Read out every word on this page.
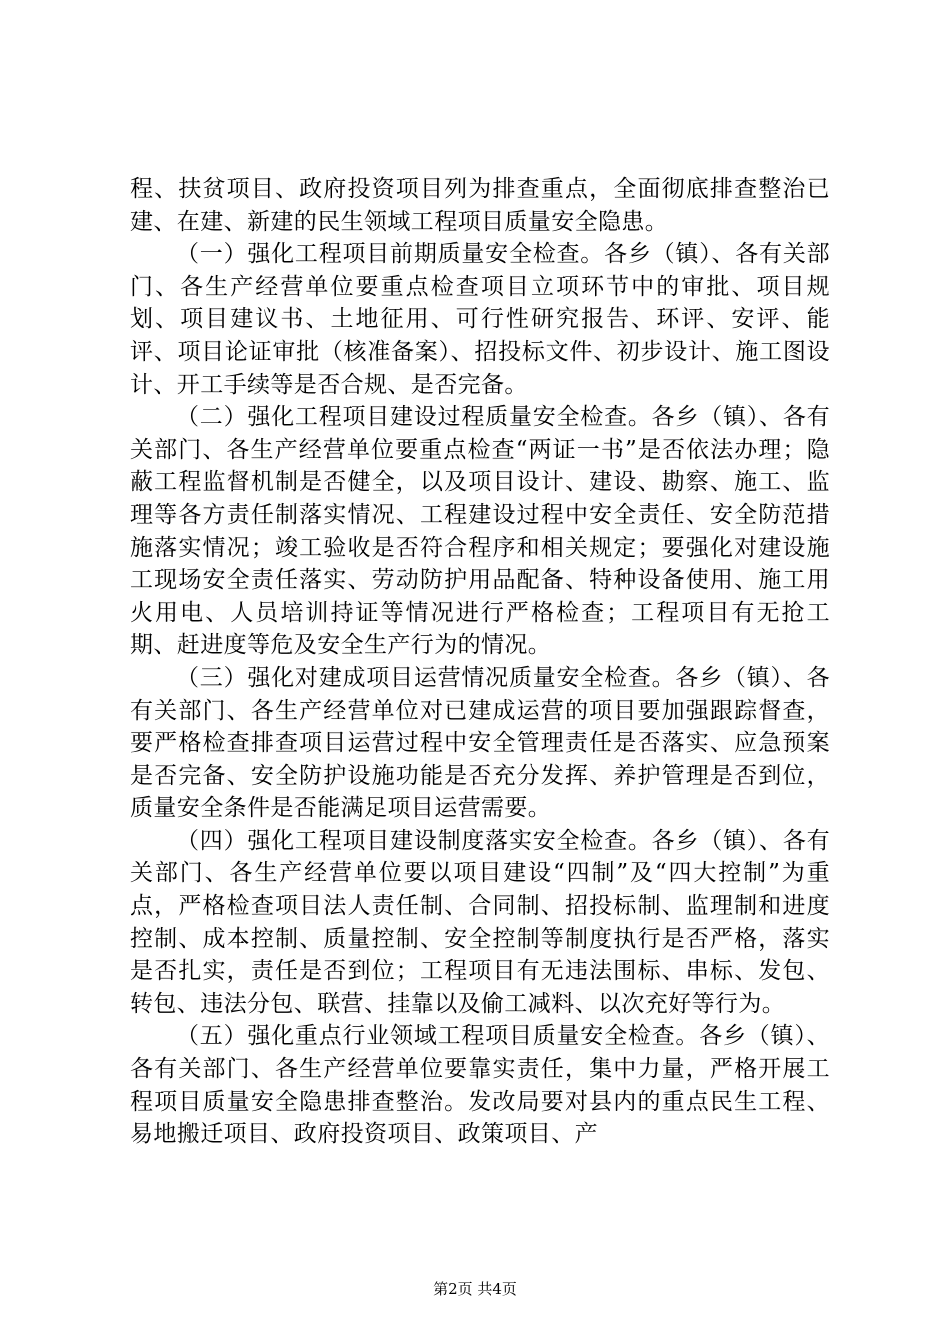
程、扶贫项目、政府投资项目列为排查重点，全面彻底排查整治已建、在建、新建的民生领域工程项目质量安全隐患。

（一）强化工程项目前期质量安全检查。各乡（镇）、各有关部门、各生产经营单位要重点检查项目立项环节中的审批、项目规划、项目建议书、土地征用、可行性研究报告、环评、安评、能评、项目论证审批（核准备案）、招投标文件、初步设计、施工图设计、开工手续等是否合规、是否完备。

（二）强化工程项目建设过程质量安全检查。各乡（镇）、各有关部门、各生产经营单位要重点检查“两证一书”是否依法办理；隐蔽工程监督机制是否健全，以及项目设计、建设、勘察、施工、监理等各方责任制落实情况、工程建设过程中安全责任、安全防范措施落实情况；竣工验收是否符合程序和相关规定；要强化对建设施工现场安全责任落实、劳动防护用品配备、特种设备使用、施工用火用电、人员培训持证等情况进行严格检查；工程项目有无抢工期、赶进度等危及安全生产行为的情况。

（三）强化对建成项目运营情况质量安全检查。各乡（镇）、各有关部门、各生产经营单位对已建成运营的项目要加强跟踪督查，要严格检查排查项目运营过程中安全管理责任是否落实、应急预案是否完备、安全防护设施功能是否充分发挥、养护管理是否到位，质量安全条件是否能满足项目运营需要。

（四）强化工程项目建设制度落实安全检查。各乡（镇）、各有关部门、各生产经营单位要以项目建设“四制”及“四大控制”为重点，严格检查项目法人责任制、合同制、招投标制、监理制和进度控制、成本控制、质量控制、安全控制等制度执行是否严格，落实是否扎实，责任是否到位；工程项目有无违法围标、串标、发包、转包、违法分包、联营、挂靠以及偷工减料、以次充好等行为。

（五）强化重点行业领域工程项目质量安全检查。各乡（镇）、各有关部门、各生产经营单位要靠实责任，集中力量，严格开展工程项目质量安全隐患排查整治。发改局要对县内的重点民生工程、易地搬迁项目、政府投资项目、政策项目、产

第2页 共4页
